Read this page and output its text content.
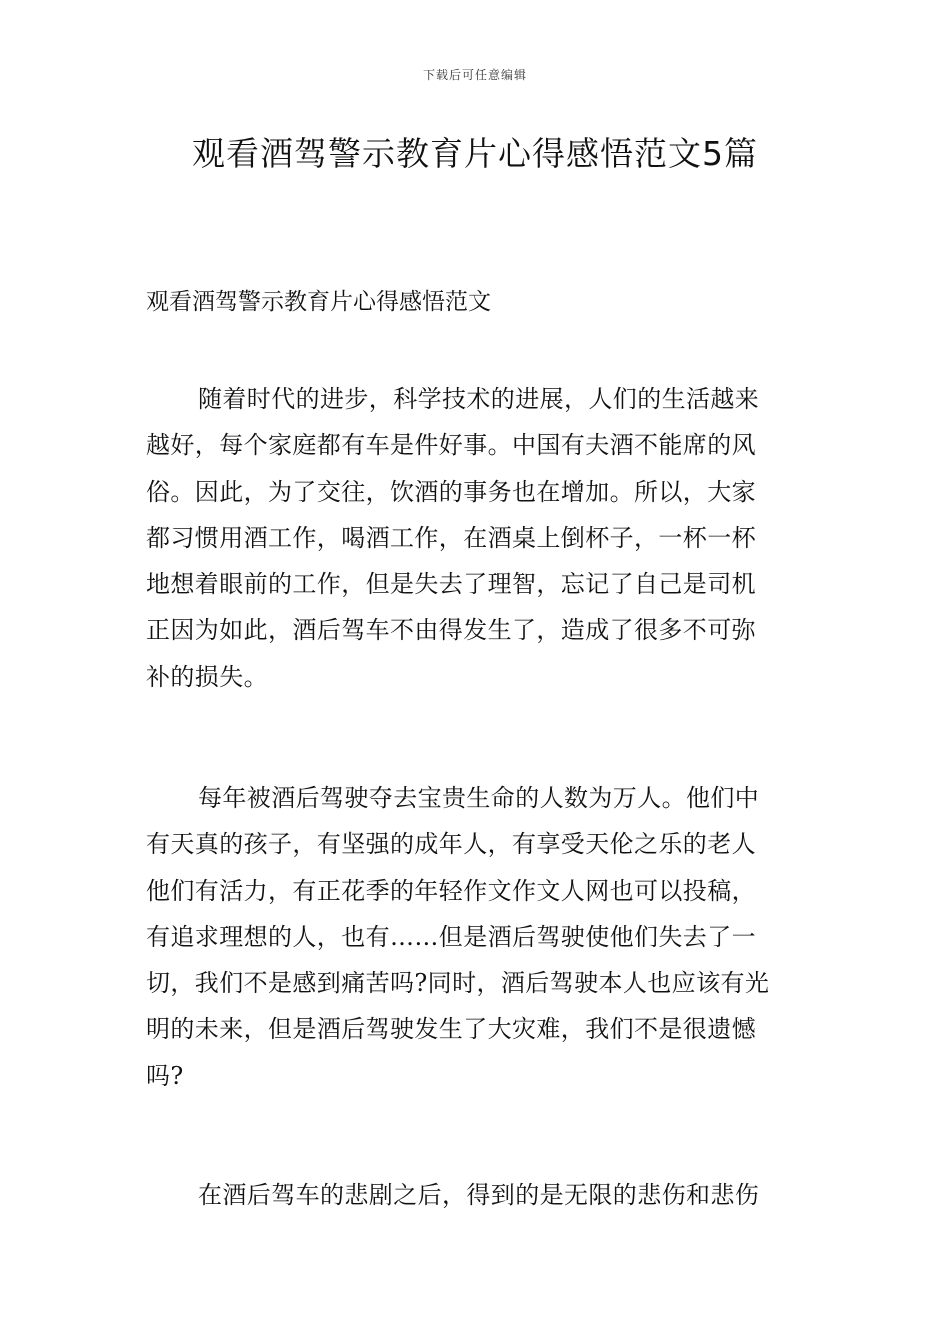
下载后可任意编辑
观看酒驾警示教育片心得感悟范文5篇

观看酒驾警示教育片心得感悟范文

随着时代的进步，科学技术的进展，人们的生活越来
越好，每个家庭都有车是件好事。中国有夫酒不能席的风
俗。因此，为了交往，饮酒的事务也在增加。所以，大家
都习惯用酒工作，喝酒工作，在酒桌上倒杯子，一杯一杯
地想着眼前的工作，但是失去了理智，忘记了自己是司机
正因为如此，酒后驾车不由得发生了，造成了很多不可弥
补的损失。
每年被酒后驾驶夺去宝贵生命的人数为万人。他们中
有天真的孩子，有坚强的成年人，有享受天伦之乐的老人
他们有活力，有正花季的年轻作文作文人网也可以投稿，
有追求理想的人，也有……但是酒后驾驶使他们失去了一
切，我们不是感到痛苦吗?同时，酒后驾驶本人也应该有光
明的未来，但是酒后驾驶发生了大灾难，我们不是很遗憾
吗?
在酒后驾车的悲剧之后，得到的是无限的悲伤和悲伤
